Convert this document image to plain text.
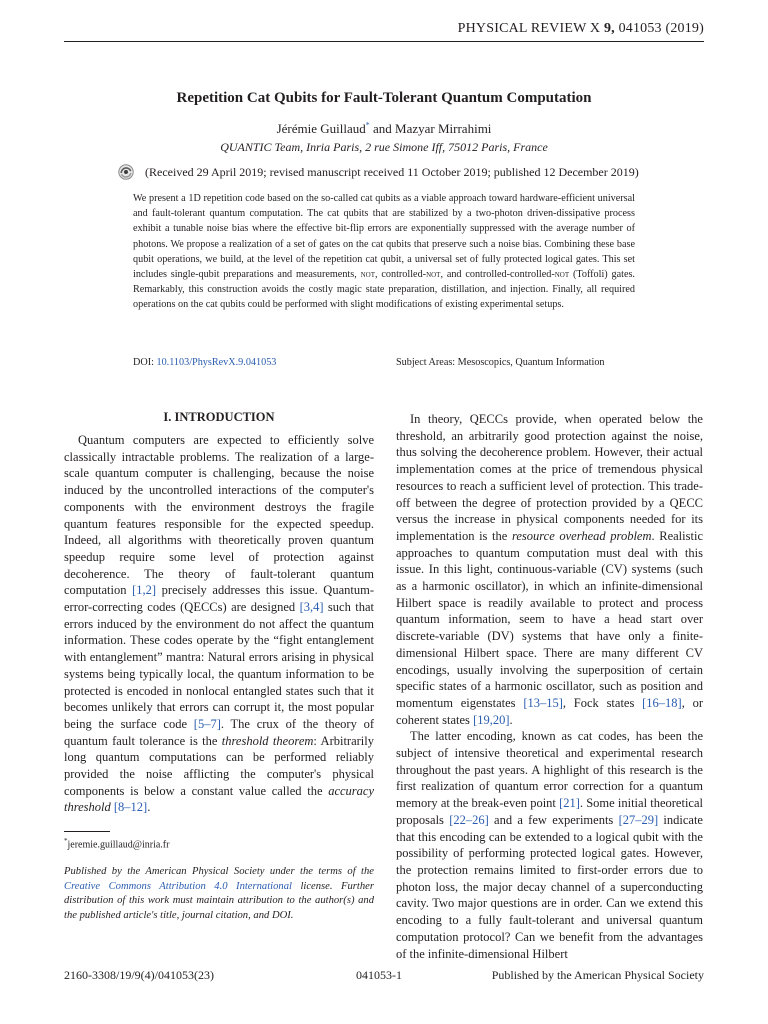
PHYSICAL REVIEW X 9, 041053 (2019)
Repetition Cat Qubits for Fault-Tolerant Quantum Computation
Jérémie Guillaud* and Mazyar Mirrahimi
QUANTIC Team, Inria Paris, 2 rue Simone Iff, 75012 Paris, France
(Received 29 April 2019; revised manuscript received 11 October 2019; published 12 December 2019)

We present a 1D repetition code based on the so-called cat qubits as a viable approach toward hardware-efficient universal and fault-tolerant quantum computation. The cat qubits that are stabilized by a two-photon driven-dissipative process exhibit a tunable noise bias where the effective bit-flip errors are exponentially suppressed with the average number of photons. We propose a realization of a set of gates on the cat qubits that preserve such a noise bias. Combining these base qubit operations, we build, at the level of the repetition cat qubit, a universal set of fully protected logical gates. This set includes single-qubit preparations and measurements, not, controlled-not, and controlled-controlled-not (Toffoli) gates. Remarkably, this construction avoids the costly magic state preparation, distillation, and injection. Finally, all required operations on the cat qubits could be performed with slight modifications of existing experimental setups.

DOI: 10.1103/PhysRevX.9.041053	Subject Areas: Mesoscopics, Quantum Information
I. INTRODUCTION

Quantum computers are expected to efficiently solve classically intractable problems. The realization of a large-scale quantum computer is challenging, because the noise induced by the uncontrolled interactions of the computer's components with the environment destroys the fragile quantum features responsible for the expected speedup. Indeed, all algorithms with theoretically proven quantum speedup require some level of protection against decoherence. The theory of fault-tolerant quantum computation [1,2] precisely addresses this issue. Quantum-error-correcting codes (QECCs) are designed [3,4] such that errors induced by the environment do not affect the quantum information. These codes operate by the “fight entanglement with entanglement” mantra: Natural errors arising in physical systems being typically local, the quantum information to be protected is encoded in nonlocal entangled states such that it becomes unlikely that errors can corrupt it, the most popular being the surface code [5–7]. The crux of the theory of quantum fault tolerance is the threshold theorem: Arbitrarily long quantum computations can be performed reliably provided the noise afflicting the computer's physical components is below a constant value called the accuracy threshold [8–12].

In theory, QECCs provide, when operated below the threshold, an arbitrarily good protection against the noise, thus solving the decoherence problem. However, their actual implementation comes at the price of tremendous physical resources to reach a sufficient level of protection. This trade-off between the degree of protection provided by a QECC versus the increase in physical components needed for its implementation is the resource overhead problem. Realistic approaches to quantum computation must deal with this issue. In this light, continuous-variable (CV) systems (such as a harmonic oscillator), in which an infinite-dimensional Hilbert space is readily available to protect and process quantum information, seem to have a head start over discrete-variable (DV) systems that have only a finite-dimensional Hilbert space. There are many different CV encodings, usually involving the superposition of certain specific states of a harmonic oscillator, such as position and momentum eigenstates [13–15], Fock states [16–18], or coherent states [19,20].

The latter encoding, known as cat codes, has been the subject of intensive theoretical and experimental research throughout the past years. A highlight of this research is the first realization of quantum error correction for a quantum memory at the break-even point [21]. Some initial theoretical proposals [22–26] and a few experiments [27–29] indicate that this encoding can be extended to a logical qubit with the possibility of performing protected logical gates. However, the protection remains limited to first-order errors due to photon loss, the major decay channel of a superconducting cavity. Two major questions are in order. Can we extend this encoding to a fully fault-tolerant and universal quantum computation protocol? Can we benefit from the advantages of the infinite-dimensional Hilbert

*jeremie.guillaud@inria.fr

Published by the American Physical Society under the terms of the Creative Commons Attribution 4.0 International license. Further distribution of this work must maintain attribution to the author(s) and the published article's title, journal citation, and DOI.

2160-3308/19/9(4)/041053(23)	041053-1	Published by the American Physical Society
